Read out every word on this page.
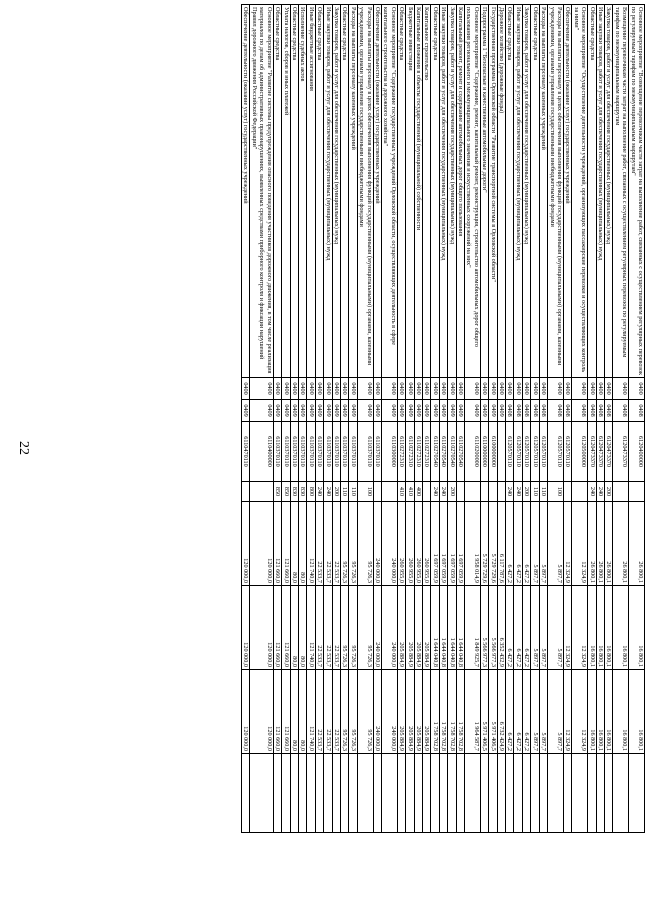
22
Основное мероприятие "Возмещение перевозчикам части затрат на выполнение работ, связанных с осуществлением регулярных перевозок по регулируемым тарифам по межмуниципальным маршрутам"	0400	0408	6120400000		26 800,1	16 800,1	16 800,1	
Возмещение перевозчикам части затрат на выполнение работ, связанных с осуществлением регулярных перевозок по регулируемым тарифам по межмуниципальным маршрутам	0400	0408	6120473370		26 800,1	16 800,1	16 800,1	
Закупка товаров, работ и услуг для обеспечения государственных (муниципальных) нужд	0400	0408	6120473370	200	26 800,1	16 800,1	16 800,1	
Иные закупки товаров, работ и услуг для обеспечения государственных (муниципальных) нужд	0400	0408	6120473370	240	26 800,1	16 800,1	16 800,1	
Областные средства	0400	0408	6120473370	240	26 800,1	16 800,1	16 800,1	
Основное мероприятие "Осуществление деятельности учреждений, организующих пассажирские перевозки и осуществляющих контроль за ними"	0400	0408	6120500000		12 324,9	12 324,9	12 324,9	
Обеспечение деятельности (оказание услуг) государственных учреждений	0400	0408	6120570110		12 324,9	12 324,9	12 324,9	
Расходы на выплаты персоналу в целях обеспечения выполнения функций государственными (муниципальными) органами, казенными учреждениями, органами управления государственными внебюджетными фондами	0400	0408	6120570110	100	5 897,7	5 897,7	5 897,7	
Расходы на выплаты персоналу казенных учреждений	0400	0408	6120570110	110	5 897,7	5 897,7	5 897,7	
Областные средства	0400	0408	6120570110	110	5 897,7	5 897,7	5 897,7	
Закупка товаров, работ и услуг для обеспечения государственных (муниципальных) нужд	0400	0408	6120570110	200	6 427,2	6 427,2	6 427,2	
Иные закупки товаров, работ и услуг для обеспечения государственных (муниципальных) нужд	0400	0408	6120570110	240	6 427,2	6 427,2	6 427,2	
Областные средства	0400	0408	6120570110	240	6 427,2	6 427,2	6 427,2	
Дорожное хозяйство (дорожные фонды)	0400	0409			6 117 787,6	6 352 432,9	6 732 424,9	
Государственная программа Орловской области "Развитие транспортной системы в Орловской области"	0400	0409	6100000000		5 729 729,6	5 566 977,3	5 971 406,5	
Подпрограмма 1 "Безопасные и качественные автомобильные дороги"	0400	0409	6110000000		5 729 729,6	5 566 977,3	5 971 406,5	
Основное мероприятие "Содержание, ремонт, капитальный ремонт, реконструкция, строительство автомобильных дорог общего пользования регионального и межмуниципального значения и искусственных сооружений на них"	0400	0409	6110200000		1 958 014,9	1 849 925,7	1 964 587,7	
Капитальный ремонт, ремонт и содержание автомобильных дорог общего пользования	0400	0409	6110270540		1 697 059,9	1 644 040,8	1 758 702,8	
Закупка товаров, работ и услуг для обеспечения государственных (муниципальных) нужд	0400	0409	6110270540	200	1 697 059,9	1 644 040,8	1 758 702,8	
Иные закупки товаров, работ и услуг для обеспечения государственных (муниципальных) нужд	0400	0409	6110270540	240	1 697 059,9	1 644 040,8	1 758 702,8	
Областные средства	0400	0409	6110270540	240	1 697 059,9	1 644 040,8	1 758 702,8	
Капитальное строительство	0400	0409	6110272310		260 955,0	205 884,9	205 884,9	
Капитальные вложения в объекты государственной (муниципальной) собственности	0400	0409	6110272310	400	260 955,0	205 884,9	205 884,9	
Бюджетные инвестиции	0400	0409	6110272310	410	260 955,0	205 884,9	205 884,9	
Областные средства	0400	0409	6110272310	410	260 955,0	205 884,9	205 884,9	
Основное мероприятие "Содержание государственных учреждений Орловской области, осуществляющих деятельность в сфере капитального строительства и дорожного хозяйства"	0400	0409	6110300000		240 000,0	240 000,0	240 000,0	
Обеспечение деятельности (оказание услуг) государственных учреждений	0400	0409	6110370110		240 000,0	240 000,0	240 000,0	
Расходы на выплаты персоналу в целях обеспечения выполнения функций государственными (муниципальными) органами, казенными учреждениями, органами управления государственными внебюджетными фондами	0400	0409	6110370110	100	95 726,3	95 726,3	95 726,3	
Расходы на выплаты персоналу казенных учреждений	0400	0409	6110370110	110	95 726,3	95 726,3	95 726,3	
Областные средства	0400	0409	6110370110	110	95 726,3	95 726,3	95 726,3	
Закупка товаров, работ и услуг для обеспечения государственных (муниципальных) нужд	0400	0409	6110370110	200	22 533,7	22 533,7	22 533,7	
Иные закупки товаров, работ и услуг для обеспечения государственных (муниципальных) нужд	0400	0409	6110370110	240	22 533,7	22 533,7	22 533,7	
Областные средства	0400	0409	6110370110	240	22 533,7	22 533,7	22 533,7	
Иные бюджетные ассигнования	0400	0409	6110370110	800	121 740,0	121 740,0	121 740,0	
Исполнение судебных актов	0400	0409	6110370110	830	80,0	80,0	80,0	
Областные средства	0400	0409	6110370110	830	80,0	80,0	80,0	
Уплата налогов, сборов и иных платежей	0400	0409	6110370110	850	121 660,0	121 660,0	121 660,0	
Областные средства	0400	0409	6110370110	850	121 660,0	121 660,0	121 660,0	
Основное мероприятие "Развитие системы предупреждения опасного поведения участников дорожного движения, в том числе реализация материалов по делам об административных правонарушениях, выявленных средствами приборного контроля и фиксации нарушений Правил дорожного движения Российской Федерации"	0400	0409	6110400000		120 000,0	120 000,0	120 000,0	
Обеспечение деятельности (оказание услуг) государственных учреждений	0400	0409	6110470110		120 000,0	120 000,0	120 000,0	
